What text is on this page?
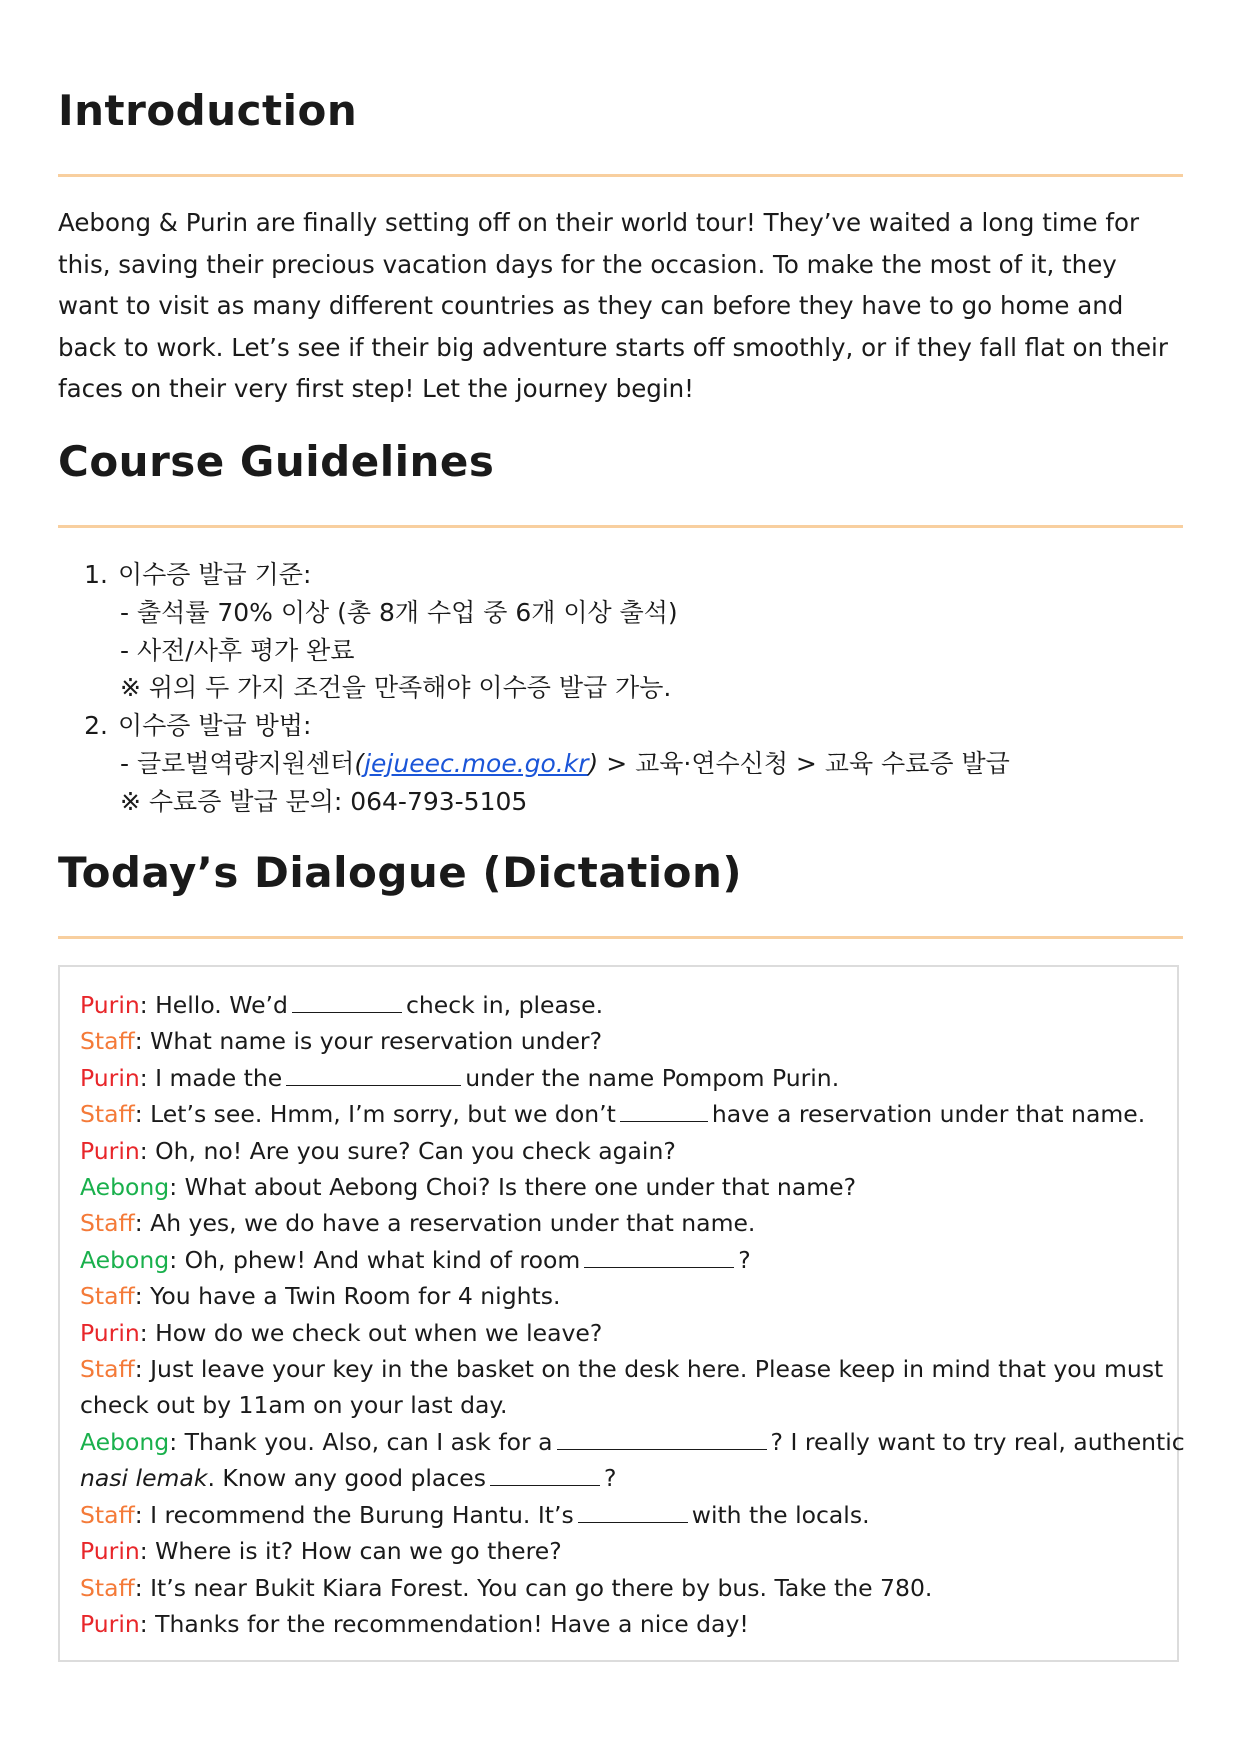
Introduction

Aebong & Purin are finally setting off on their world tour! They’ve waited a long time for this, saving their precious vacation days for the occasion. To make the most of it, they want to visit as many different countries as they can before they have to go home and back to work. Let’s see if their big adventure starts off smoothly, or if they fall flat on their faces on their very first step! Let the journey begin!

Course Guidelines
1. 이수증 발급 기준:
- 출석률 70% 이상 (총 8개 수업 중 6개 이상 출석)
- 사전/사후 평가 완료
※ 위의 두 가지 조건을 만족해야 이수증 발급 가능.
2. 이수증 발급 방법:
- 글로벌역량지원센터(jejueec.moe.go.kr) > 교육·연수신청 > 교육 수료증 발급
※ 수료증 발급 문의: 064-793-5105
Today’s Dialogue (Dictation)
Purin: Hello. We’d	check in, please.
Staff: What name is your reservation under?
Purin: I made the	under the name Pompom Purin.
Staff: Let’s see. Hmm, I’m sorry, but we don’t	have a reservation under that name.
Purin: Oh, no! Are you sure? Can you check again?
Aebong: What about Aebong Choi? Is there one under that name?
Staff: Ah yes, we do have a reservation under that name.
Aebong: Oh, phew! And what kind of room	?
Staff: You have a Twin Room for 4 nights.
Purin: How do we check out when we leave?
Staff: Just leave your key in the basket on the desk here. Please keep in mind that you must
check out by 11am on your last day.
Aebong: Thank you. Also, can I ask for a	? I really want to try real, authentic
nasi lemak. Know any good places	?
Staff: I recommend the Burung Hantu. It’s	with the locals.
Purin: Where is it? How can we go there?
Staff: It’s near Bukit Kiara Forest. You can go there by bus. Take the 780.
Purin: Thanks for the recommendation! Have a nice day!
